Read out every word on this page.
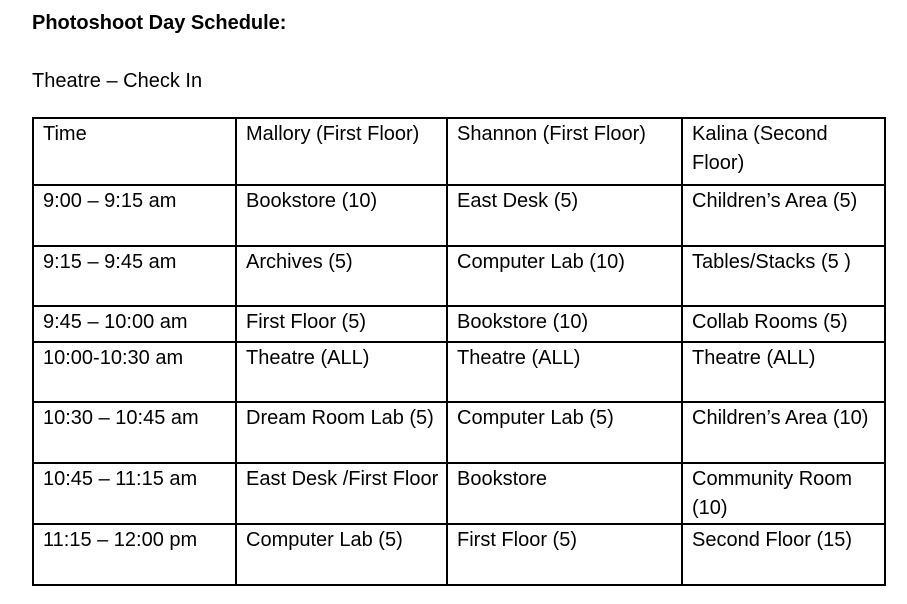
Photoshoot Day Schedule:
Theatre – Check In
Time	Mallory (First Floor)	Shannon (First Floor)	Kalina (Second Floor)
9:00 – 9:15 am	Bookstore (10)	East Desk (5)	Children’s Area (5)
9:15 – 9:45 am	Archives (5)	Computer Lab (10)	Tables/Stacks (5 )
9:45 – 10:00 am	First Floor (5)	Bookstore (10)	Collab Rooms (5)
10:00-10:30 am	Theatre (ALL)	Theatre (ALL)	Theatre (ALL)
10:30 – 10:45 am	Dream Room Lab (5)	Computer Lab (5)	Children’s Area (10)
10:45 – 11:15 am	East Desk /First Floor	Bookstore	Community Room (10)
11:15 – 12:00 pm	Computer Lab (5)	First Floor (5)	Second Floor (15)
